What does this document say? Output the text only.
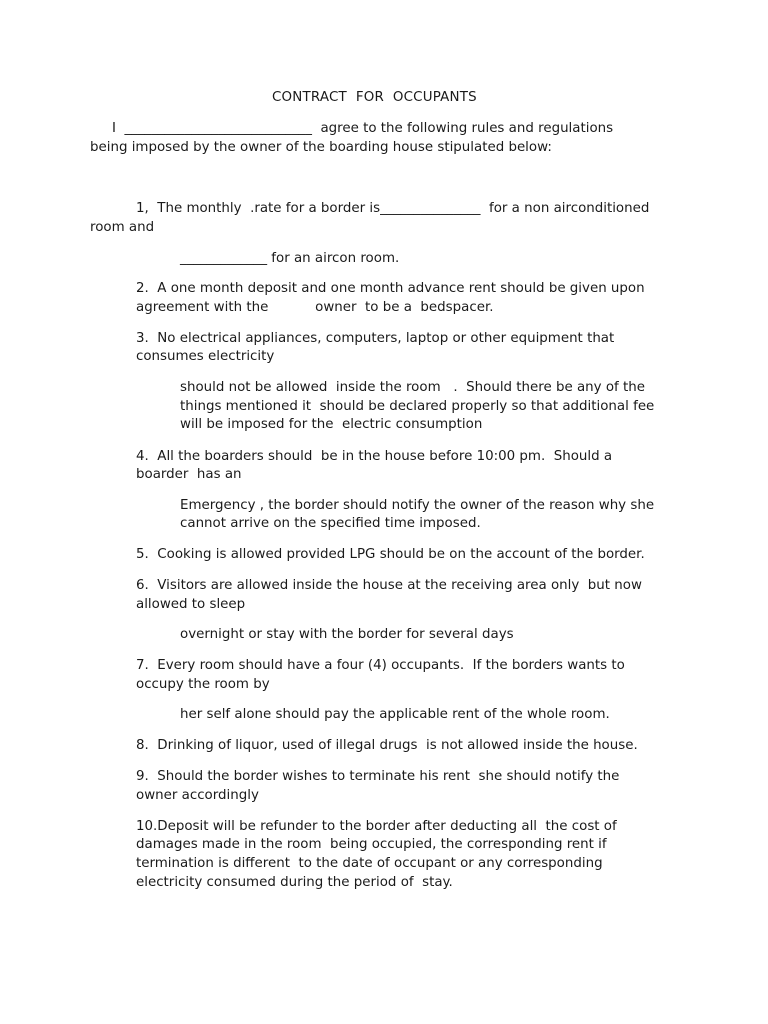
CONTRACT  FOR  OCCUPANTS
I  ____________________________  agree to the following rules and regulations
being imposed by the owner of the boarding house stipulated below:
1,  The monthly  .rate for a border is_______________  for a non airconditioned
room and
_____________ for an aircon room.
2.  A one month deposit and one month advance rent should be given upon
agreement with the           owner  to be a  bedspacer.
3.  No electrical appliances, computers, laptop or other equipment that
consumes electricity
should not be allowed  inside the room   .  Should there be any of the
things mentioned it  should be declared properly so that additional fee
will be imposed for the  electric consumption
4.  All the boarders should  be in the house before 10:00 pm.  Should a
boarder  has an
Emergency , the border should notify the owner of the reason why she
cannot arrive on the specified time imposed.
5.  Cooking is allowed provided LPG should be on the account of the border.
6.  Visitors are allowed inside the house at the receiving area only  but now
allowed to sleep
overnight or stay with the border for several days
7.  Every room should have a four (4) occupants.  If the borders wants to
occupy the room by
her self alone should pay the applicable rent of the whole room.
8.  Drinking of liquor, used of illegal drugs  is not allowed inside the house.
9.  Should the border wishes to terminate his rent  she should notify the
owner accordingly
10.Deposit will be refunder to the border after deducting all  the cost of
damages made in the room  being occupied, the corresponding rent if
termination is different  to the date of occupant or any corresponding
electricity consumed during the period of  stay.
